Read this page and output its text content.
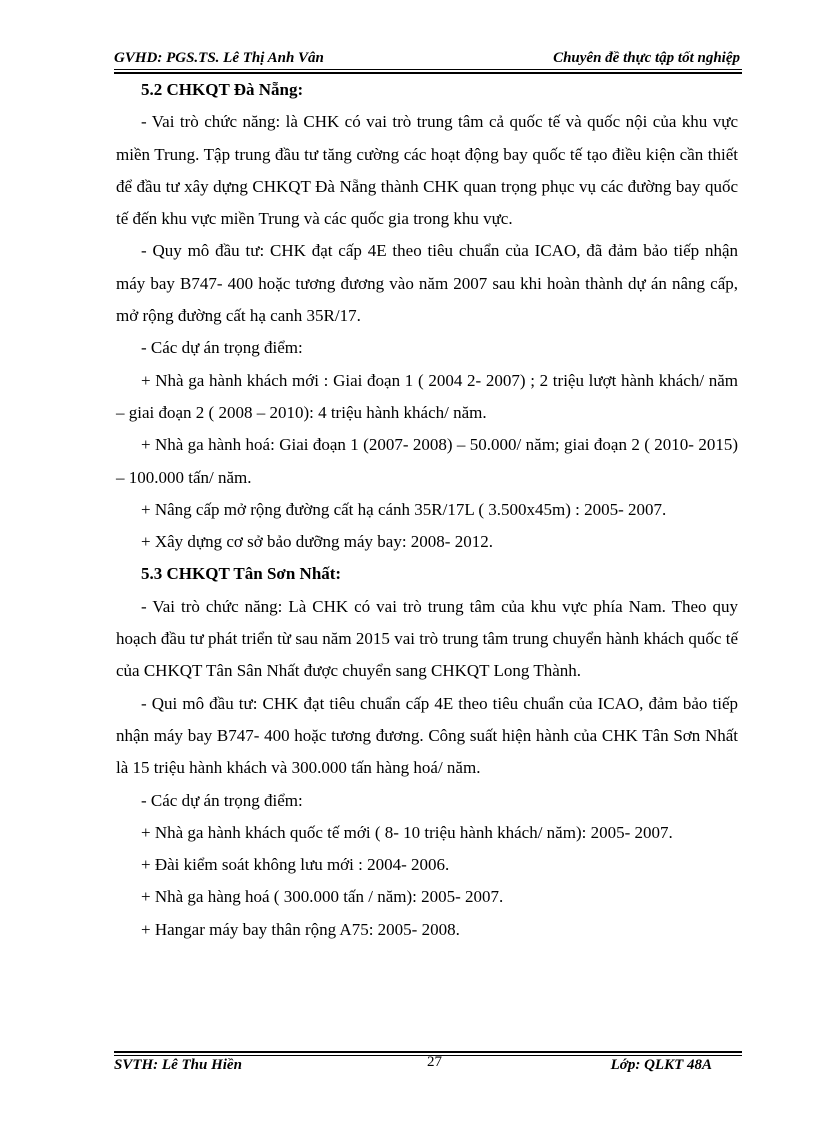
GVHD: PGS.TS. Lê Thị Anh Vân	Chuyên đề thực tập tốt nghiệp

5.2 CHKQT Đà Nẵng:

- Vai trò chức năng: là CHK có vai trò trung tâm cả quốc tế và quốc nội của khu vực miền Trung. Tập trung đầu tư tăng cường các hoạt động bay quốc tế tạo điều kiện cần thiết để đầu tư xây dựng CHKQT Đà Nẵng thành CHK quan trọng phục vụ các đường bay quốc tế đến khu vực miền Trung và các quốc gia trong khu vực.

- Quy mô đầu tư: CHK đạt cấp 4E theo tiêu chuẩn của ICAO, đã đảm bảo tiếp nhận máy bay B747- 400 hoặc tương đương vào năm 2007 sau khi hoàn thành dự án nâng cấp, mở rộng đường cất hạ canh 35R/17.

- Các dự án trọng điểm:

+ Nhà ga hành khách mới : Giai đoạn 1 ( 2004 2- 2007) ; 2 triệu lượt hành khách/ năm – giai đoạn 2 ( 2008 – 2010): 4 triệu hành khách/ năm.

+ Nhà ga hành hoá: Giai đoạn 1 (2007- 2008) – 50.000/ năm; giai đoạn 2 ( 2010- 2015) – 100.000 tấn/ năm.

+ Nâng cấp mở rộng đường cất hạ cánh 35R/17L ( 3.500x45m) : 2005- 2007.

+ Xây dựng cơ sở bảo dưỡng máy bay: 2008- 2012.

5.3 CHKQT Tân Sơn Nhất:

- Vai trò chức năng: Là CHK có vai trò trung tâm của khu vực phía Nam. Theo quy hoạch đầu tư phát triển từ sau năm 2015 vai trò trung tâm trung chuyển hành khách quốc tế của CHKQT Tân Sân Nhất được chuyển sang CHKQT Long Thành.

- Qui mô đầu tư: CHK đạt tiêu chuẩn cấp 4E theo tiêu chuẩn của ICAO, đảm bảo tiếp nhận máy bay B747- 400 hoặc tương đương. Công suất hiện hành của CHK Tân Sơn Nhất là 15 triệu hành khách và 300.000 tấn hàng hoá/ năm.

- Các dự án trọng điểm:

+ Nhà ga hành khách quốc tế mới ( 8- 10 triệu hành khách/ năm): 2005- 2007.

+ Đài kiểm soát không lưu mới : 2004- 2006.

+ Nhà ga hàng hoá ( 300.000 tấn / năm): 2005- 2007.

+ Hangar máy bay thân rộng A75: 2005- 2008.

SVTH: Lê Thu Hiền	27	Lớp: QLKT 48A
